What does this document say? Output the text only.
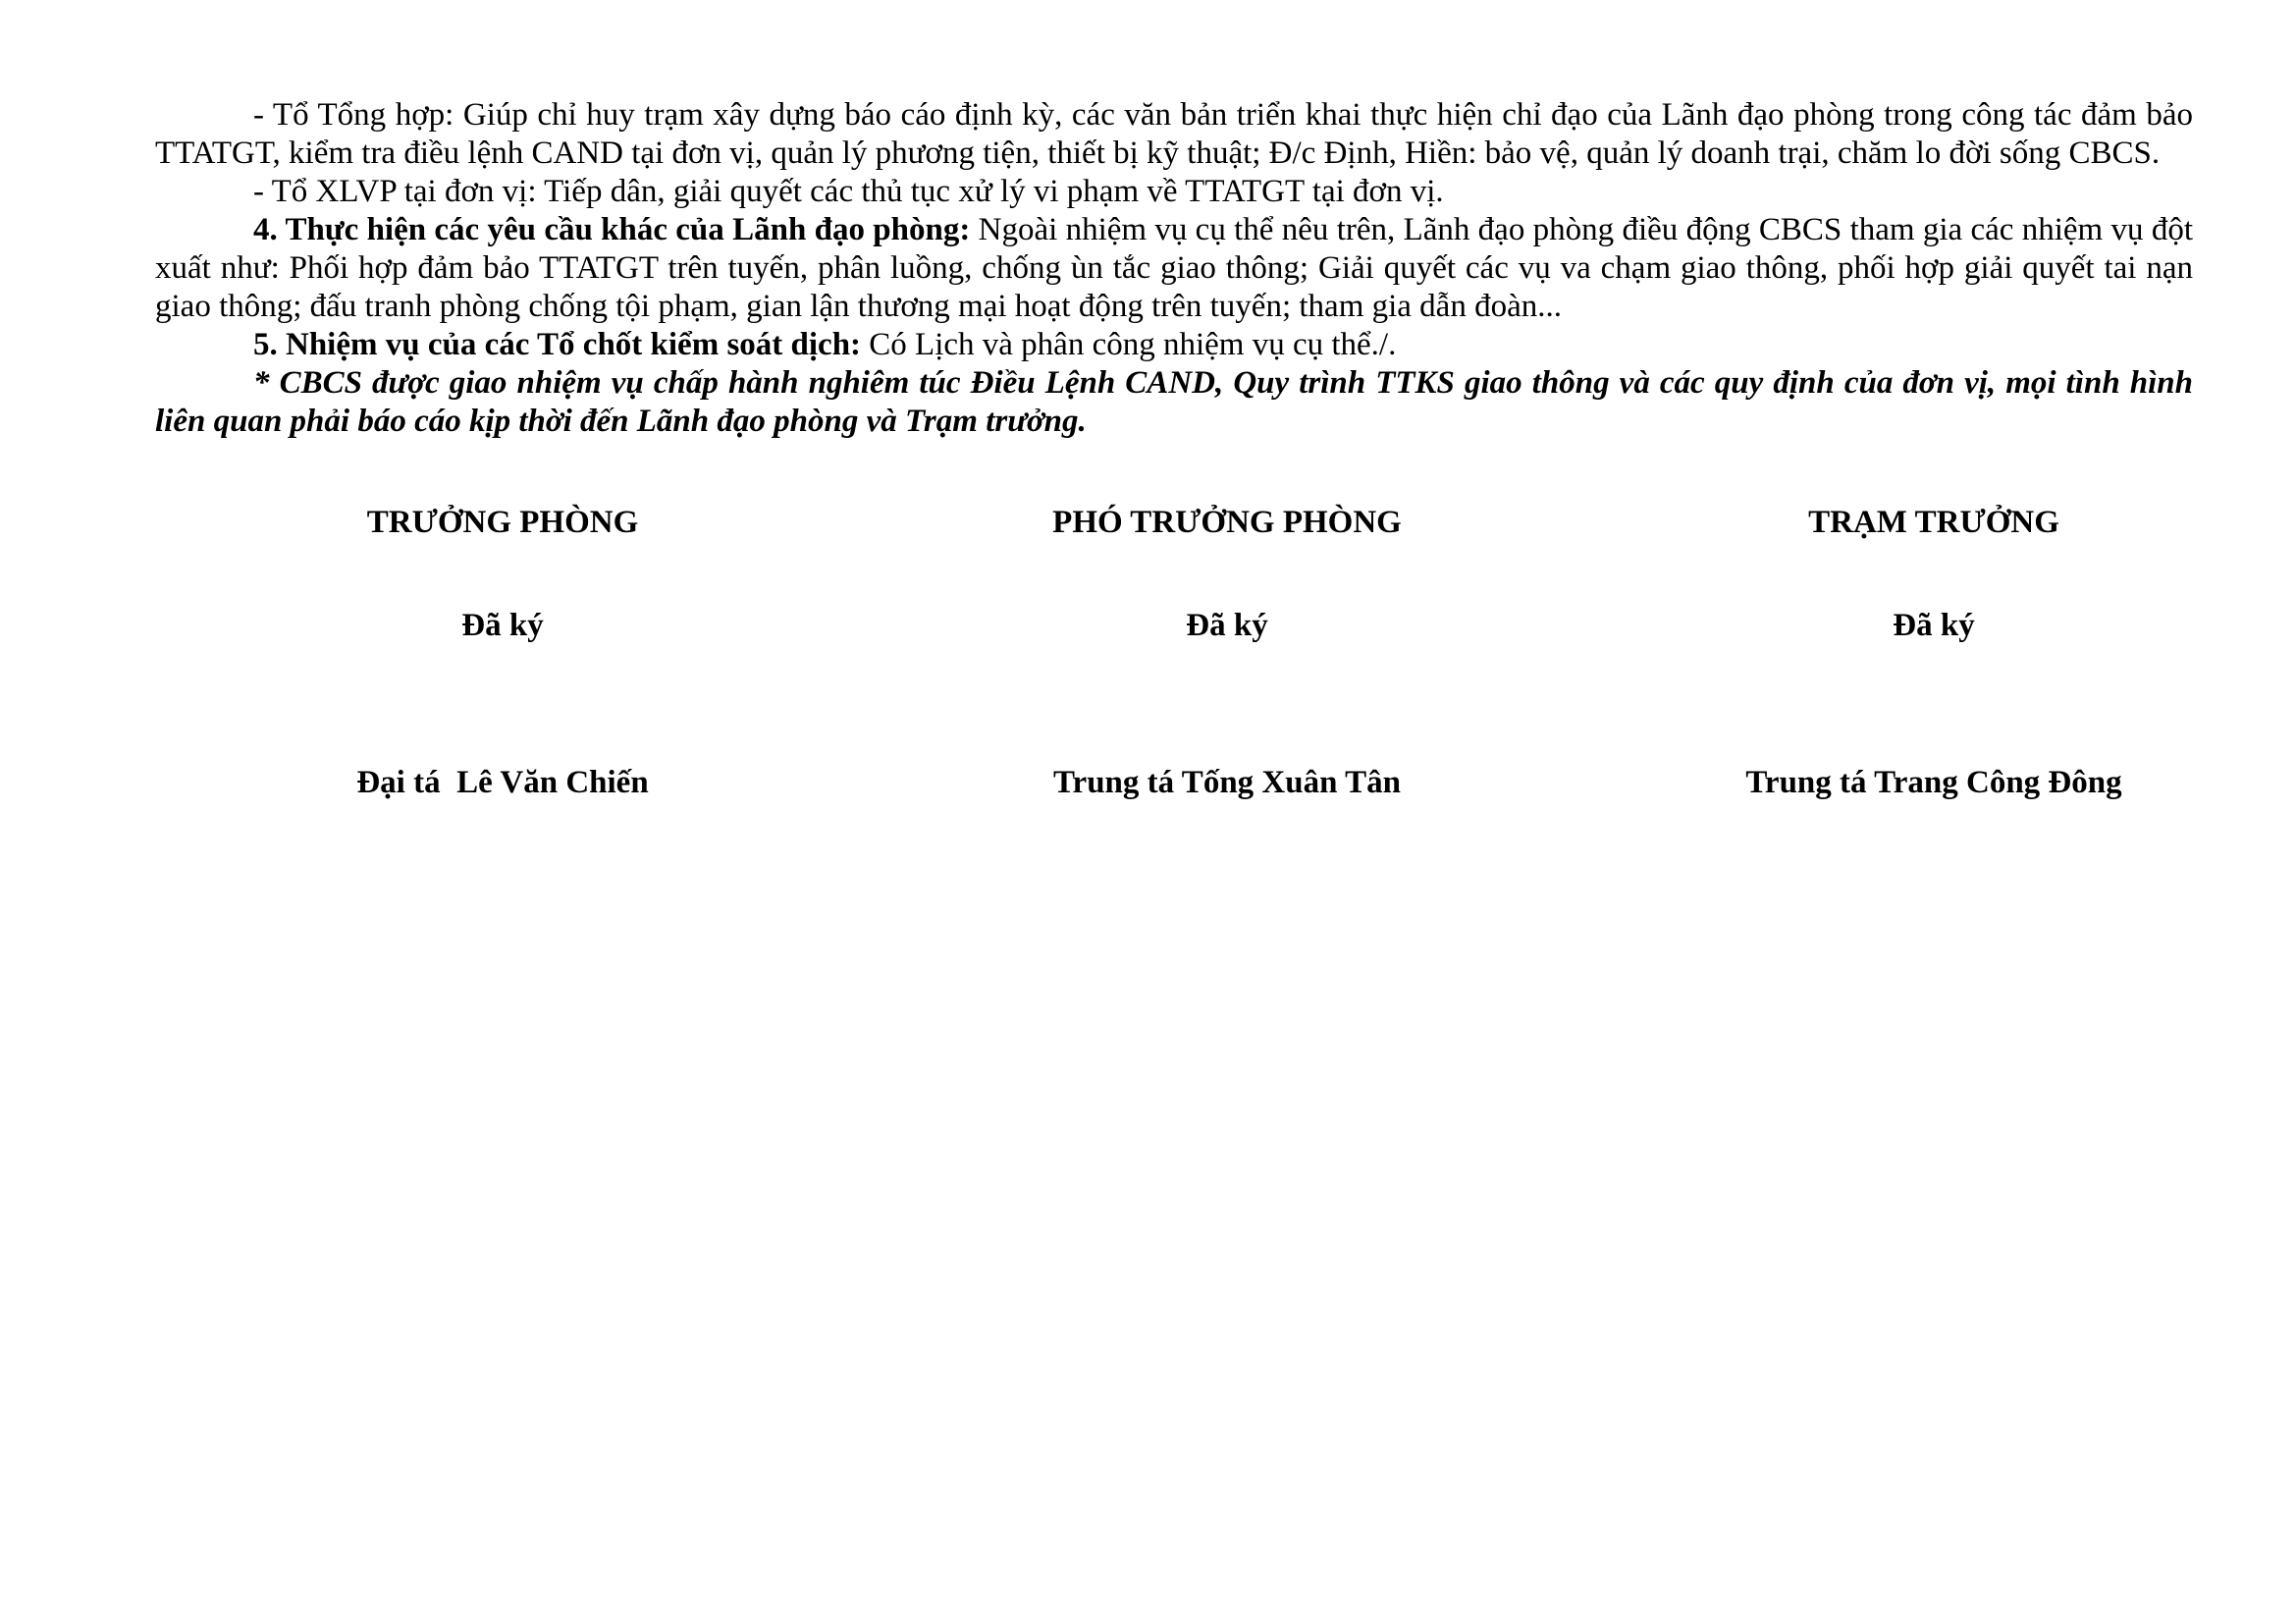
- Tổ Tổng hợp: Giúp chỉ huy trạm xây dựng báo cáo định kỳ, các văn bản triển khai thực hiện chỉ đạo của Lãnh đạo phòng trong công tác đảm bảo TTATGT, kiểm tra điều lệnh CAND tại đơn vị, quản lý phương tiện, thiết bị kỹ thuật; Đ/c Định, Hiền: bảo vệ, quản lý doanh trại, chăm lo đời sống CBCS.

- Tổ XLVP tại đơn vị: Tiếp dân, giải quyết các thủ tục xử lý vi phạm về TTATGT tại đơn vị.

4. Thực hiện các yêu cầu khác của Lãnh đạo phòng: Ngoài nhiệm vụ cụ thể nêu trên, Lãnh đạo phòng điều động CBCS tham gia các nhiệm vụ đột xuất như: Phối hợp đảm bảo TTATGT trên tuyến, phân luồng, chống ùn tắc giao thông; Giải quyết các vụ va chạm giao thông, phối hợp giải quyết tai nạn giao thông; đấu tranh phòng chống tội phạm, gian lận thương mại hoạt động trên tuyến; tham gia dẫn đoàn...

5. Nhiệm vụ của các Tổ chốt kiểm soát dịch: Có Lịch và phân công nhiệm vụ cụ thể./.

* CBCS được giao nhiệm vụ chấp hành nghiêm túc Điều Lệnh CAND, Quy trình TTKS giao thông và các quy định của đơn vị, mọi tình hình liên quan phải báo cáo kịp thời đến Lãnh đạo phòng và Trạm trưởng.

TRƯỞNG PHÒNG
Đã ký
Đại tá  Lê Văn Chiến
PHÓ TRƯỞNG PHÒNG
Đã ký
Trung tá Tống Xuân Tân
TRẠM TRƯỞNG
Đã ký
Trung tá Trang Công Đông
